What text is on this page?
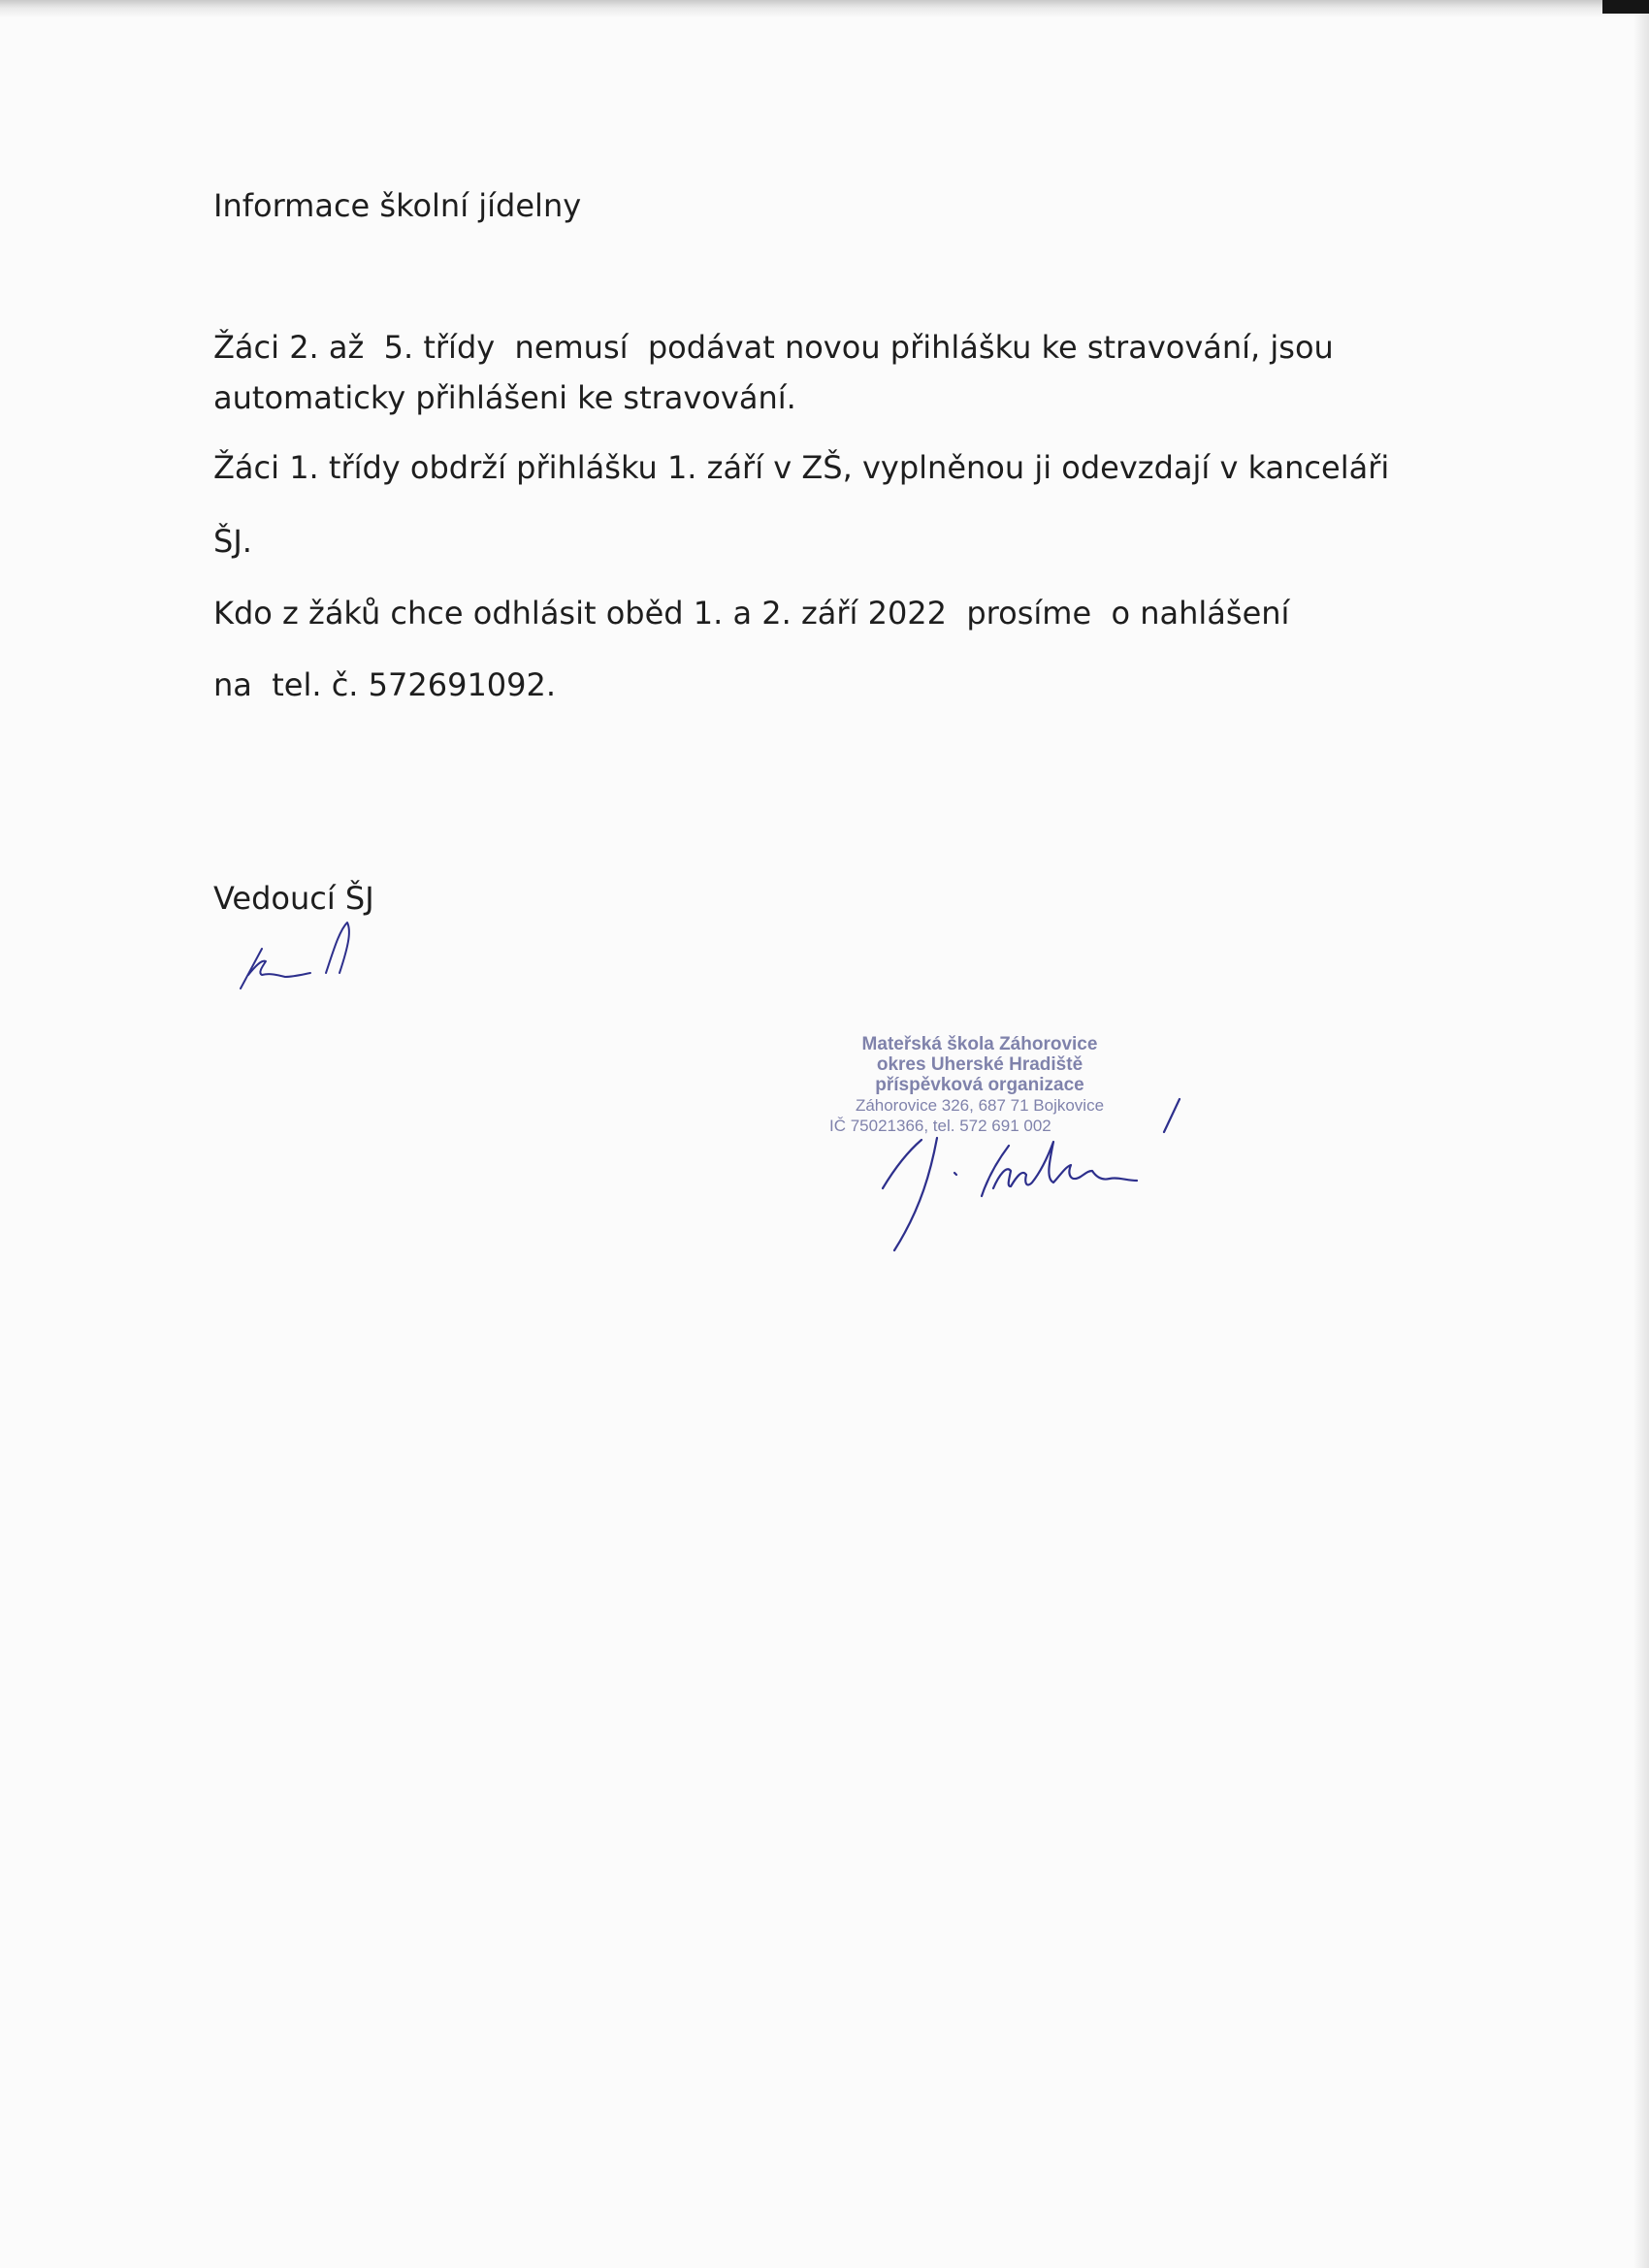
Informace školní jídelny

Žáci 2. až  5. třídy  nemusí  podávat novou přihlášku ke stravování, jsou

automaticky přihlášeni ke stravování.

Žáci 1. třídy obdrží přihlášku 1. září v ZŠ, vyplněnou ji odevzdají v kanceláři

ŠJ.

Kdo z žáků chce odhlásit oběd 1. a 2. září 2022  prosíme  o nahlášení

na  tel. č. 572691092.

Vedoucí ŠJ

Mateřská škola Záhorovice
okres Uherské Hradiště
příspěvková organizace
Záhorovice 326, 687 71 Bojkovice
IČ 75021366, tel. 572 691 002
